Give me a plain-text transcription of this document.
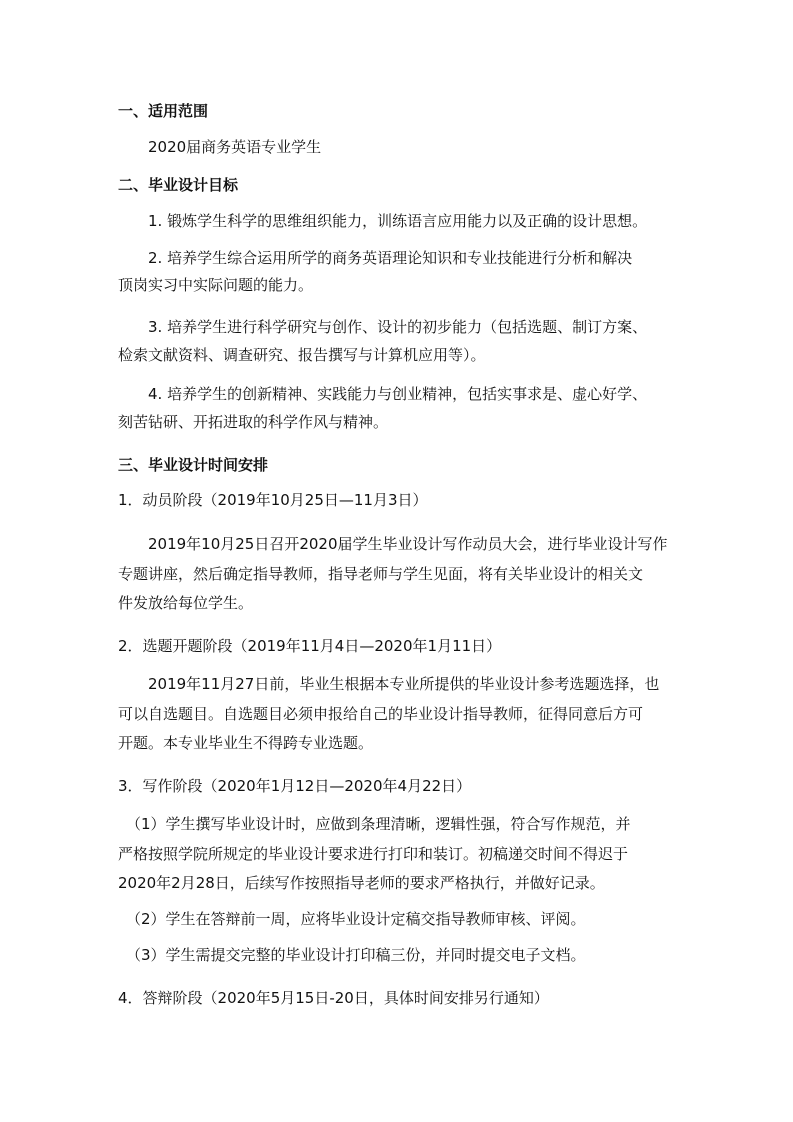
一、适用范围
2020届商务英语专业学生
二、毕业设计目标
1. 锻炼学生科学的思维组织能力，训练语言应用能力以及正确的设计思想。
2. 培养学生综合运用所学的商务英语理论知识和专业技能进行分析和解决
顶岗实习中实际问题的能力。
3. 培养学生进行科学研究与创作、设计的初步能力（包括选题、制订方案、
检索文献资料、调查研究、报告撰写与计算机应用等）。
4. 培养学生的创新精神、实践能力与创业精神，包括实事求是、虚心好学、
刻苦钻研、开拓进取的科学作风与精神。
三、毕业设计时间安排
1．动员阶段（2019年10月25日—11月3日）
2019年10月25日召开2020届学生毕业设计写作动员大会，进行毕业设计写作
专题讲座，然后确定指导教师，指导老师与学生见面，将有关毕业设计的相关文
件发放给每位学生。
2．选题开题阶段（2019年11月4日—2020年1月11日）
2019年11月27日前，毕业生根据本专业所提供的毕业设计参考选题选择，也
可以自选题目。自选题目必须申报给自己的毕业设计指导教师，征得同意后方可
开题。本专业毕业生不得跨专业选题。
3．写作阶段（2020年1月12日—2020年4月22日）
（1）学生撰写毕业设计时，应做到条理清晰，逻辑性强，符合写作规范，并
严格按照学院所规定的毕业设计要求进行打印和装订。初稿递交时间不得迟于
2020年2月28日，后续写作按照指导老师的要求严格执行，并做好记录。
（2）学生在答辩前一周，应将毕业设计定稿交指导教师审核、评阅。
（3）学生需提交完整的毕业设计打印稿三份，并同时提交电子文档。
4．答辩阶段（2020年5月15日-20日，具体时间安排另行通知）
